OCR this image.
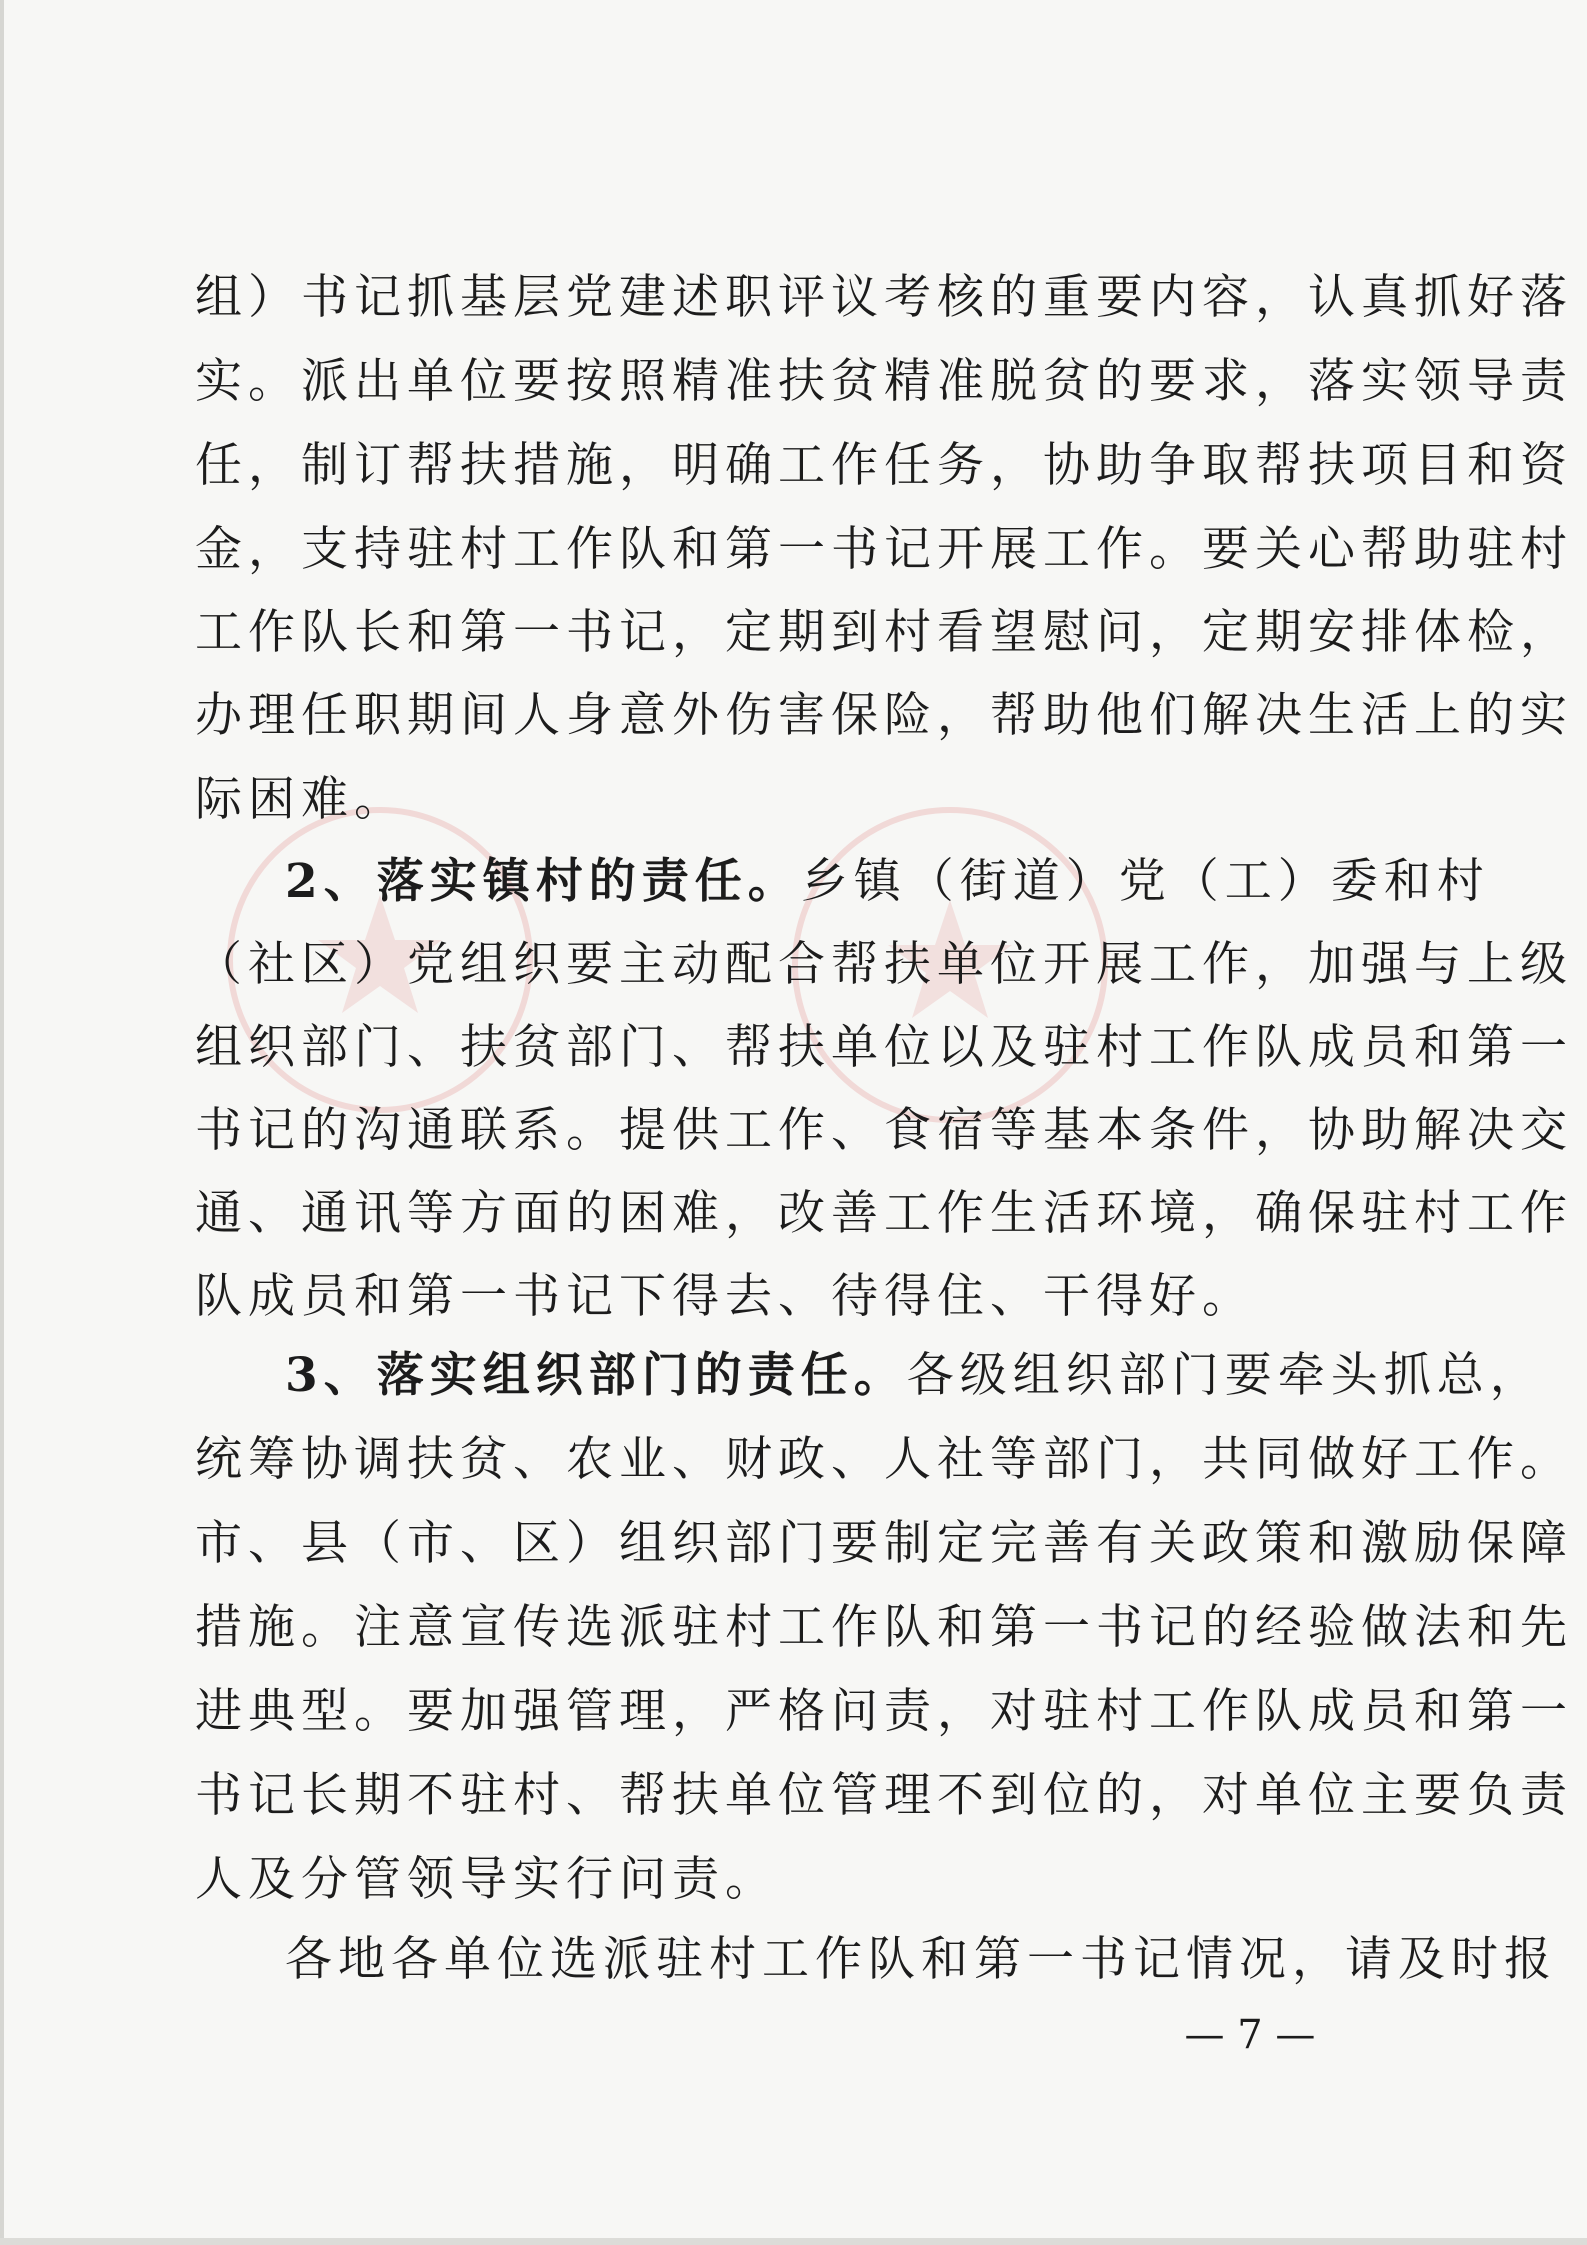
组）书记抓基层党建述职评议考核的重要内容，认真抓好落
实。派出单位要按照精准扶贫精准脱贫的要求，落实领导责
任，制订帮扶措施，明确工作任务，协助争取帮扶项目和资
金，支持驻村工作队和第一书记开展工作。要关心帮助驻村
工作队长和第一书记，定期到村看望慰问，定期安排体检，
办理任职期间人身意外伤害保险，帮助他们解决生活上的实
际困难。
2、落实镇村的责任。乡镇（街道）党（工）委和村
（社区）党组织要主动配合帮扶单位开展工作，加强与上级
组织部门、扶贫部门、帮扶单位以及驻村工作队成员和第一
书记的沟通联系。提供工作、食宿等基本条件，协助解决交
通、通讯等方面的困难，改善工作生活环境，确保驻村工作
队成员和第一书记下得去、待得住、干得好。
3、落实组织部门的责任。各级组织部门要牵头抓总，
统筹协调扶贫、农业、财政、人社等部门，共同做好工作。
市、县（市、区）组织部门要制定完善有关政策和激励保障
措施。注意宣传选派驻村工作队和第一书记的经验做法和先
进典型。要加强管理，严格问责，对驻村工作队成员和第一
书记长期不驻村、帮扶单位管理不到位的，对单位主要负责
人及分管领导实行问责。
各地各单位选派驻村工作队和第一书记情况，请及时报
— 7 —
